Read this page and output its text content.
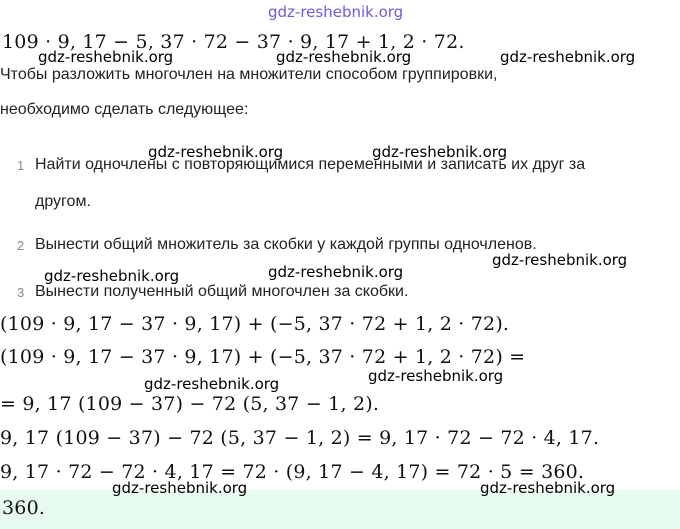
109 · 9, 17 − 5, 37 · 72 − 37 · 9, 17 + 1, 2 · 72.
Чтобы разложить многочлен на множители способом группировки,
необходимо сделать следующее:
1 Найти одночлены с повторяющимися переменными и записать их друг за
другом.
2 Вынести общий множитель за скобки у каждой группы одночленов.
3 Вынести полученный общий многочлен за скобки.
(109 · 9, 17 − 37 · 9, 17) + (−5, 37 · 72 + 1, 2 · 72).
(109 · 9, 17 − 37 · 9, 17) + (−5, 37 · 72 + 1, 2 · 72) =
= 9, 17 (109 − 37) − 72 (5, 37 − 1, 2).
9, 17 (109 − 37) − 72 (5, 37 − 1, 2) = 9, 17 · 72 − 72 · 4, 17.
9, 17 · 72 − 72 · 4, 17 = 72 · (9, 17 − 4, 17) = 72 · 5 = 360.
360.
gdz-reshebnik.org
gdz-reshebnik.org	gdz-reshebnik.org	gdz-reshebnik.org
gdz-reshebnik.org	gdz-reshebnik.org
gdz-reshebnik.org
gdz-reshebnik.org
gdz-reshebnik.org
gdz-reshebnik.org	gdz-reshebnik.org
gdz-reshebnik.org	gdz-reshebnik.org
